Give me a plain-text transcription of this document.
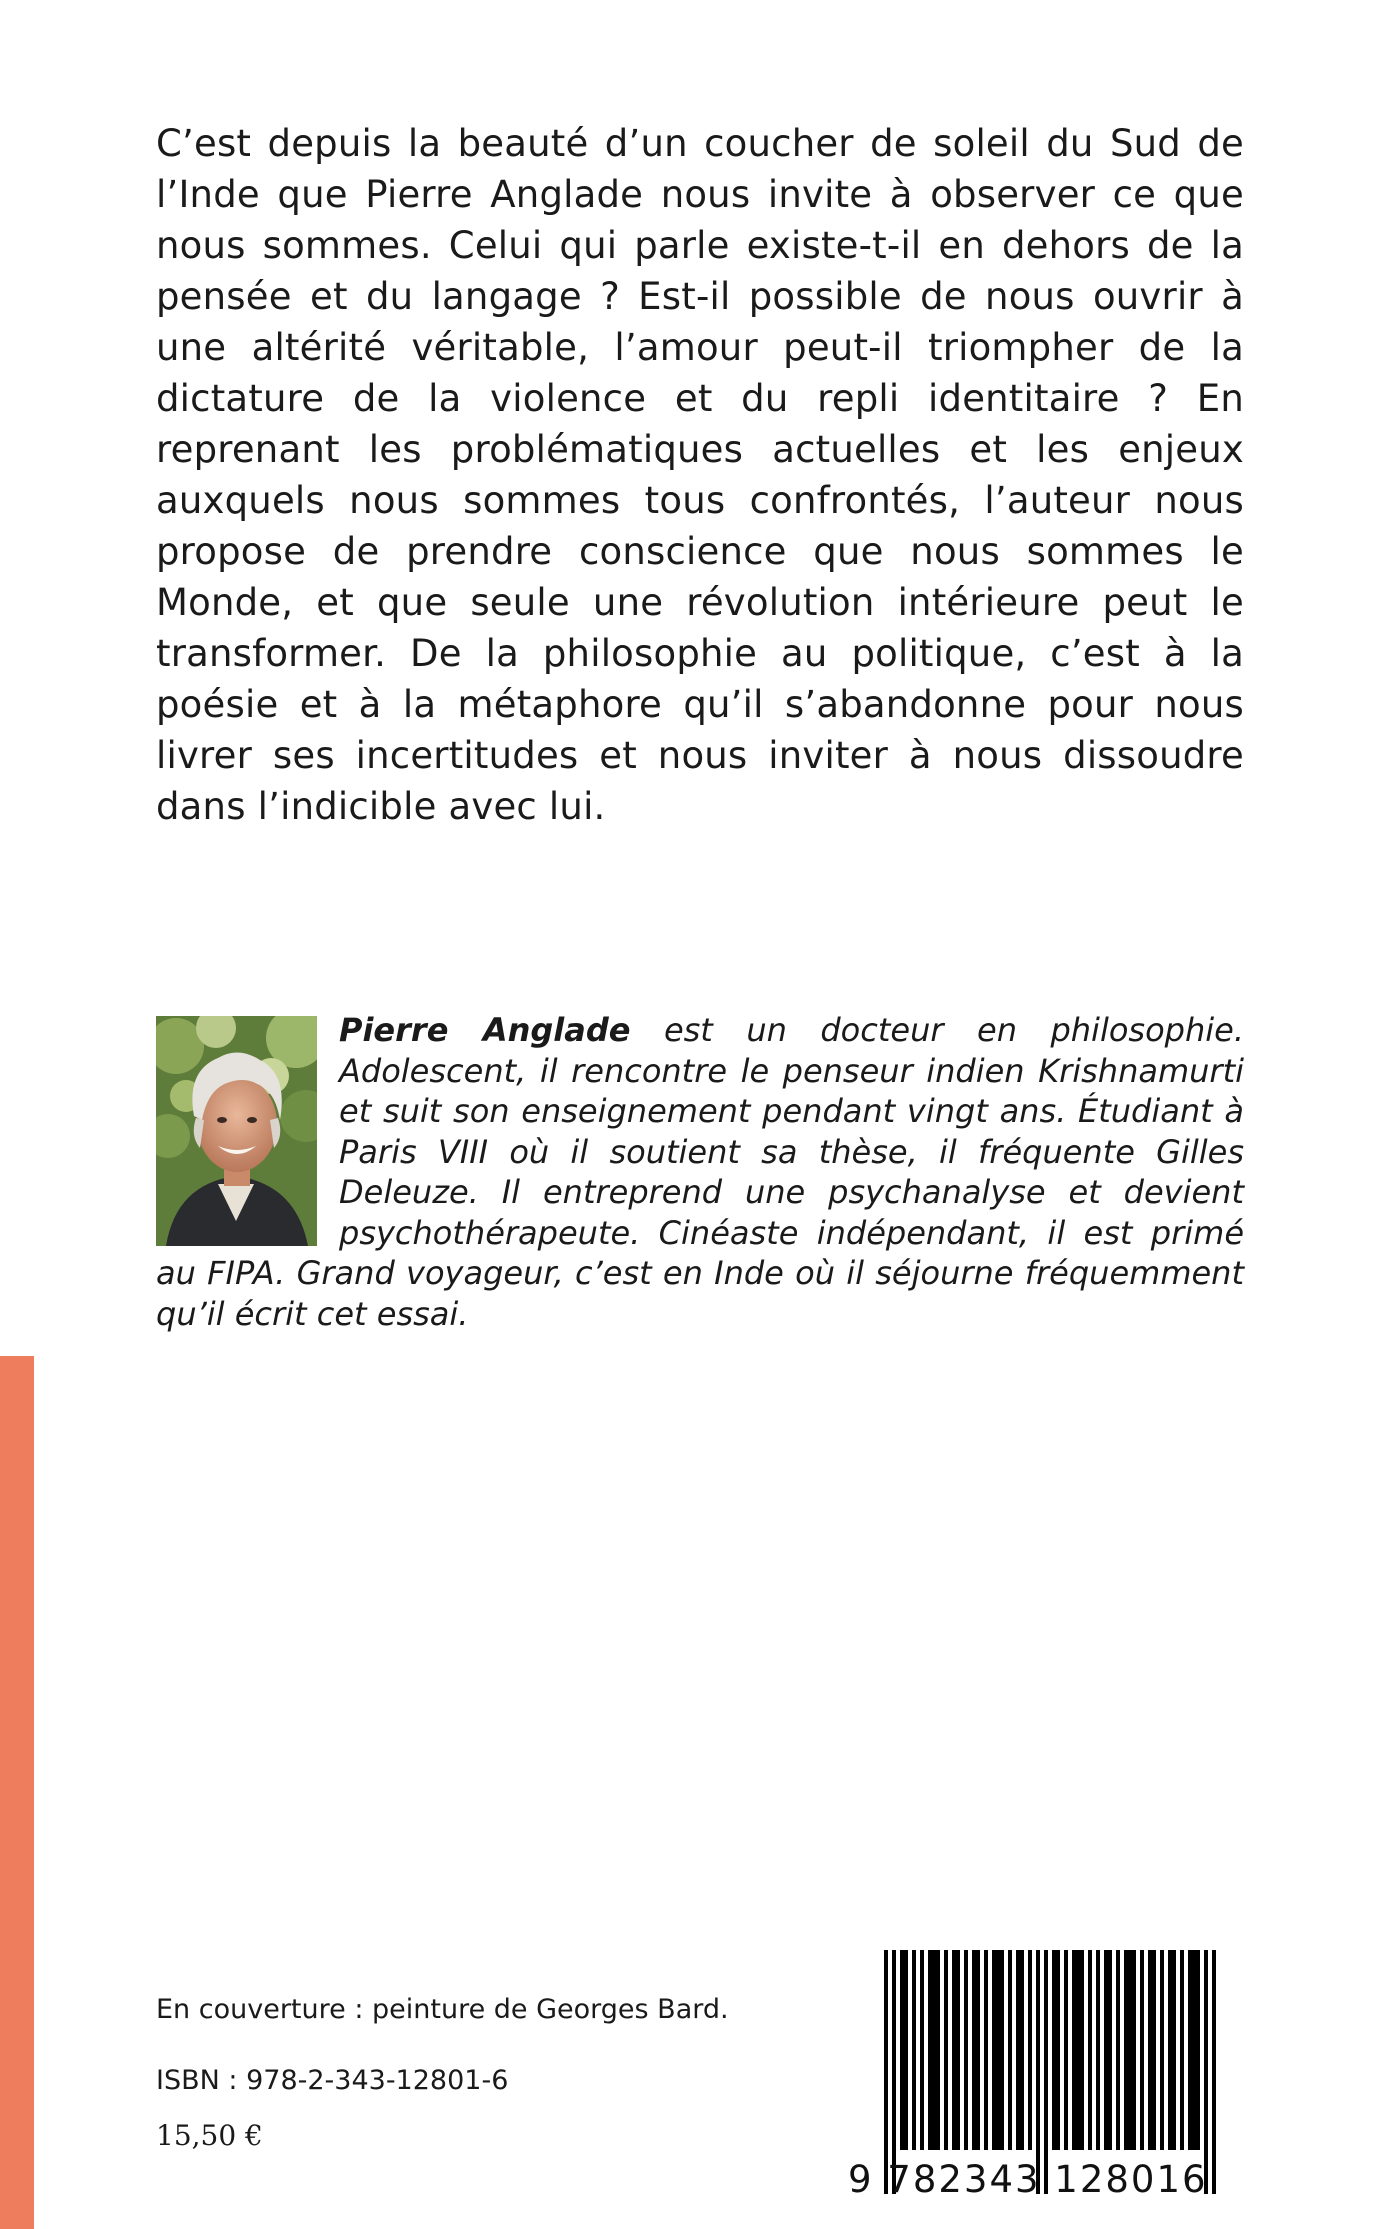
C’est depuis la beauté d’un coucher de soleil du Sud de l’Inde que Pierre Anglade nous invite à observer ce que nous sommes. Celui qui parle existe-t-il en dehors de la pensée et du langage ? Est-il possible de nous ouvrir à une altérité véritable, l’amour peut-il triompher de la dictature de la violence et du repli identitaire ? En reprenant les problématiques actuelles et les enjeux auxquels nous sommes tous confrontés, l’auteur nous propose de prendre conscience que nous sommes le Monde, et que seule une révolution intérieure peut le transformer. De la philosophie au politique, c’est à la poésie et à la métaphore qu’il s’abandonne pour nous livrer ses incertitudes et nous inviter à nous dissoudre dans l’indicible avec lui.

Pierre Anglade est un docteur en philosophie. Adolescent, il rencontre le penseur indien Krishnamurti et suit son enseignement pendant vingt ans. Étudiant à Paris VIII où il soutient sa thèse, il fréquente Gilles Deleuze. Il entreprend une psychanalyse et devient psychothérapeute. Cinéaste indépendant, il est primé au FIPA. Grand voyageur, c’est en Inde où il séjourne fréquemment qu’il écrit cet essai.

En couverture : peinture de Georges Bard.

ISBN : 978-2-343-12801-6

15,50 €

9 782343 128016
